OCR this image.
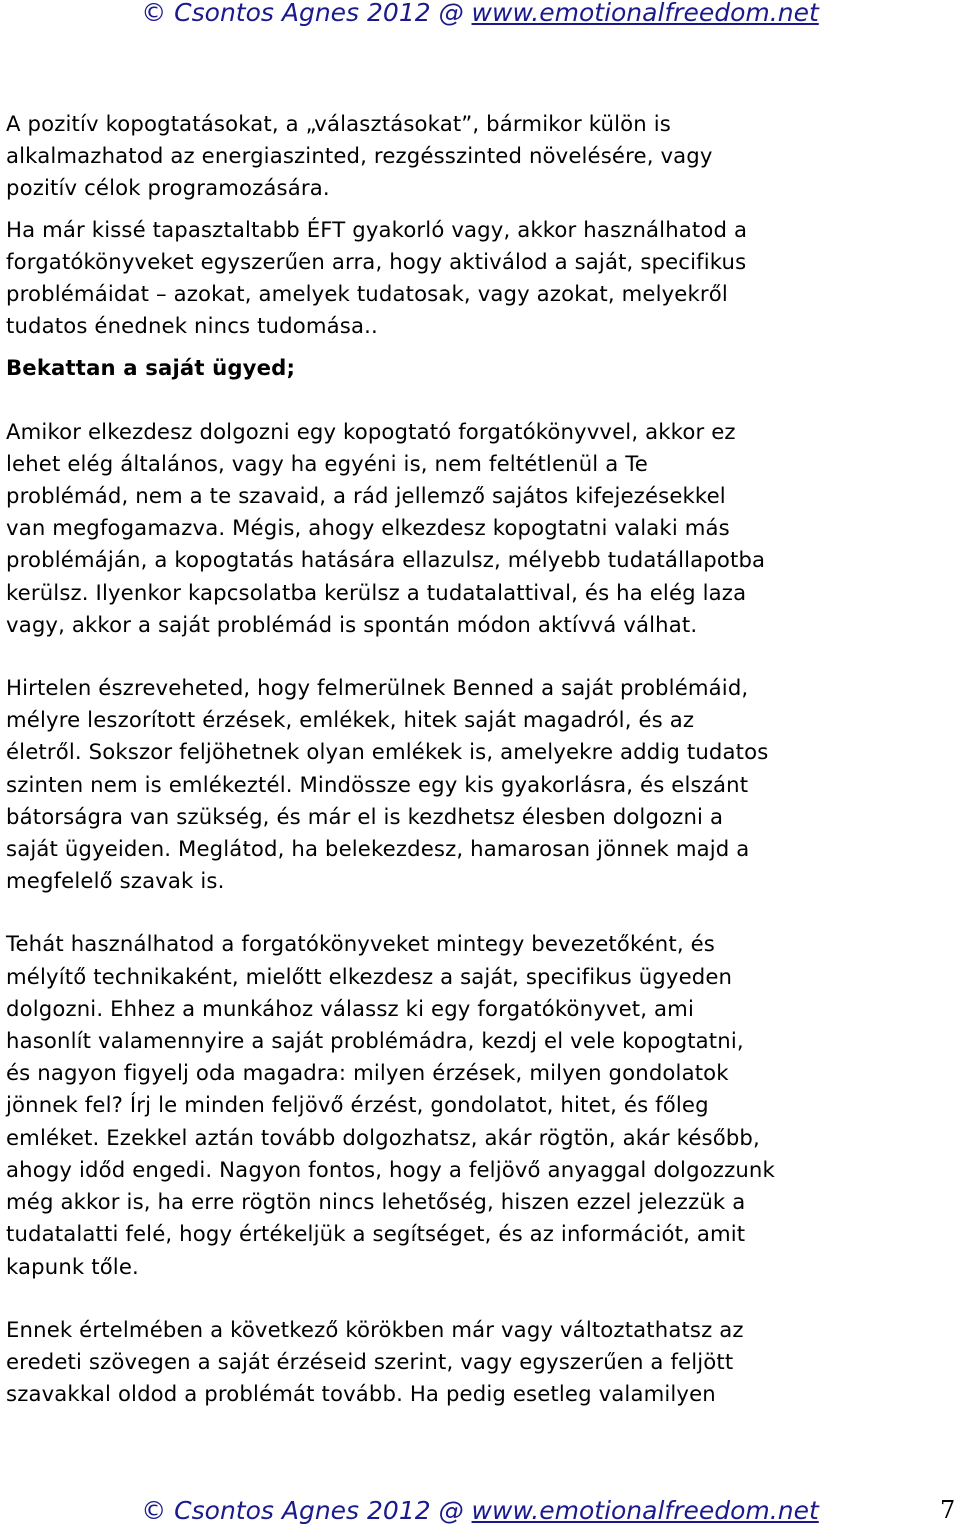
© Csontos Agnes 2012 @ www.emotionalfreedom.net
A pozitív kopogtatásokat, a „választásokat”, bármikor külön is
alkalmazhatod az energiaszinted, rezgésszinted növelésére, vagy
pozitív célok programozására.
Ha már kissé tapasztaltabb ÉFT gyakorló vagy, akkor használhatod a
forgatókönyveket egyszerűen arra, hogy aktiválod a saját, specifikus
problémáidat – azokat, amelyek tudatosak, vagy azokat, melyekről
tudatos énednek nincs tudomása..
Bekattan a saját ügyed;
Amikor elkezdesz dolgozni egy kopogtató forgatókönyvvel, akkor ez
lehet elég általános, vagy ha egyéni is, nem feltétlenül a Te
problémád, nem a te szavaid, a rád jellemző sajátos kifejezésekkel
van megfogamazva. Mégis, ahogy elkezdesz kopogtatni valaki más
problémáján, a kopogtatás hatására ellazulsz, mélyebb tudatállapotba
kerülsz. Ilyenkor kapcsolatba kerülsz a tudatalattival, és ha elég laza
vagy, akkor a saját problémád is spontán módon aktívvá válhat.
Hirtelen észreveheted, hogy felmerülnek Benned a saját problémáid,
mélyre leszorított érzések, emlékek, hitek saját magadról, és az
életről. Sokszor feljöhetnek olyan emlékek is, amelyekre addig tudatos
szinten nem is emlékeztél. Mindössze egy kis gyakorlásra, és elszánt
bátorságra van szükség, és már el is kezdhetsz élesben dolgozni a
saját ügyeiden. Meglátod, ha belekezdesz, hamarosan jönnek majd a
megfelelő szavak is.
Tehát használhatod a forgatókönyveket mintegy bevezetőként, és
mélyítő technikaként, mielőtt elkezdesz a saját, specifikus ügyeden
dolgozni. Ehhez a munkához válassz ki egy forgatókönyvet, ami
hasonlít valamennyire a saját problémádra, kezdj el vele kopogtatni,
és nagyon figyelj oda magadra: milyen érzések, milyen gondolatok
jönnek fel? Írj le minden feljövő érzést, gondolatot, hitet, és főleg
emléket. Ezekkel aztán tovább dolgozhatsz, akár rögtön, akár később,
ahogy időd engedi. Nagyon fontos, hogy a feljövő anyaggal dolgozzunk
még akkor is, ha erre rögtön nincs lehetőség, hiszen ezzel jelezzük a
tudatalatti felé, hogy értékeljük a segítséget, és az információt, amit
kapunk tőle.
Ennek értelmében a következő körökben már vagy változtathatsz az
eredeti szövegen a saját érzéseid szerint, vagy egyszerűen a feljött
szavakkal oldod a problémát tovább. Ha pedig esetleg valamilyen
© Csontos Agnes 2012 @ www.emotionalfreedom.net	7
